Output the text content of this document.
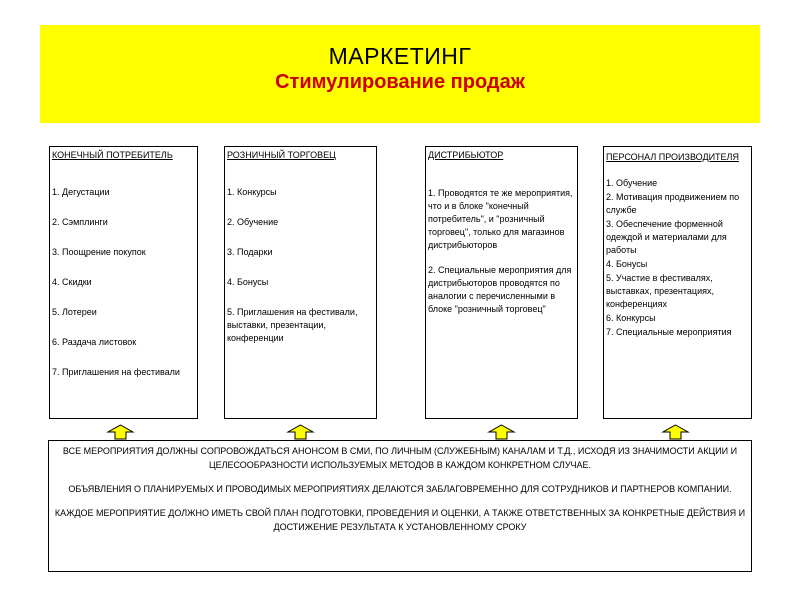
МАРКЕТИНГ
Стимулирование продаж
КОНЕЧНЫЙ ПОТРЕБИТЕЛЬ
1. Дегустации
2. Сэмплинги
3. Поощрение покупок
4. Скидки
5. Лотереи
6. Раздача листовок
7. Приглашения на фестивали
РОЗНИЧНЫЙ ТОРГОВЕЦ
1. Конкурсы
2. Обучение
3. Подарки
4. Бонусы
5. Приглашения на фестивали, выставки, презентации, конференции
ДИСТРИБЬЮТОР
1. Проводятся те же мероприятия, что и в блоке "конечный потребитель", и "розничный торговец", только для магазинов дистрибьюторов
2. Специальные мероприятия для дистрибьюторов проводятся по аналогии с перечисленными в блоке "розничный торговец"
ПЕРСОНАЛ ПРОИЗВОДИТЕЛЯ
1. Обучение
2. Мотивация продвижением по службе
3. Обеспечение форменной одеждой и материалами для работы
4. Бонусы
5. Участие в фестивалях, выставках, презентациях, конференциях
6. Конкурсы
7. Специальные мероприятия

ВСЕ МЕРОПРИЯТИЯ ДОЛЖНЫ СОПРОВОЖДАТЬСЯ АНОНСОМ В СМИ, ПО ЛИЧНЫМ (СЛУЖЕБНЫМ) КАНАЛАМ И Т.Д., ИСХОДЯ ИЗ ЗНАЧИМОСТИ АКЦИИ И ЦЕЛЕСООБРАЗНОСТИ ИСПОЛЬЗУЕМЫХ МЕТОДОВ В КАЖДОМ КОНКРЕТНОМ СЛУЧАЕ.

ОБЪЯВЛЕНИЯ О ПЛАНИРУЕМЫХ И ПРОВОДИМЫХ МЕРОПРИЯТИЯХ ДЕЛАЮТСЯ ЗАБЛАГОВРЕМЕННО ДЛЯ СОТРУДНИКОВ И ПАРТНЕРОВ КОМПАНИИ.

КАЖДОЕ МЕРОПРИЯТИЕ ДОЛЖНО ИМЕТЬ СВОЙ ПЛАН ПОДГОТОВКИ, ПРОВЕДЕНИЯ И ОЦЕНКИ, А ТАКЖЕ ОТВЕТСТВЕННЫХ ЗА КОНКРЕТНЫЕ ДЕЙСТВИЯ И ДОСТИЖЕНИЕ РЕЗУЛЬТАТА К УСТАНОВЛЕННОМУ СРОКУ
